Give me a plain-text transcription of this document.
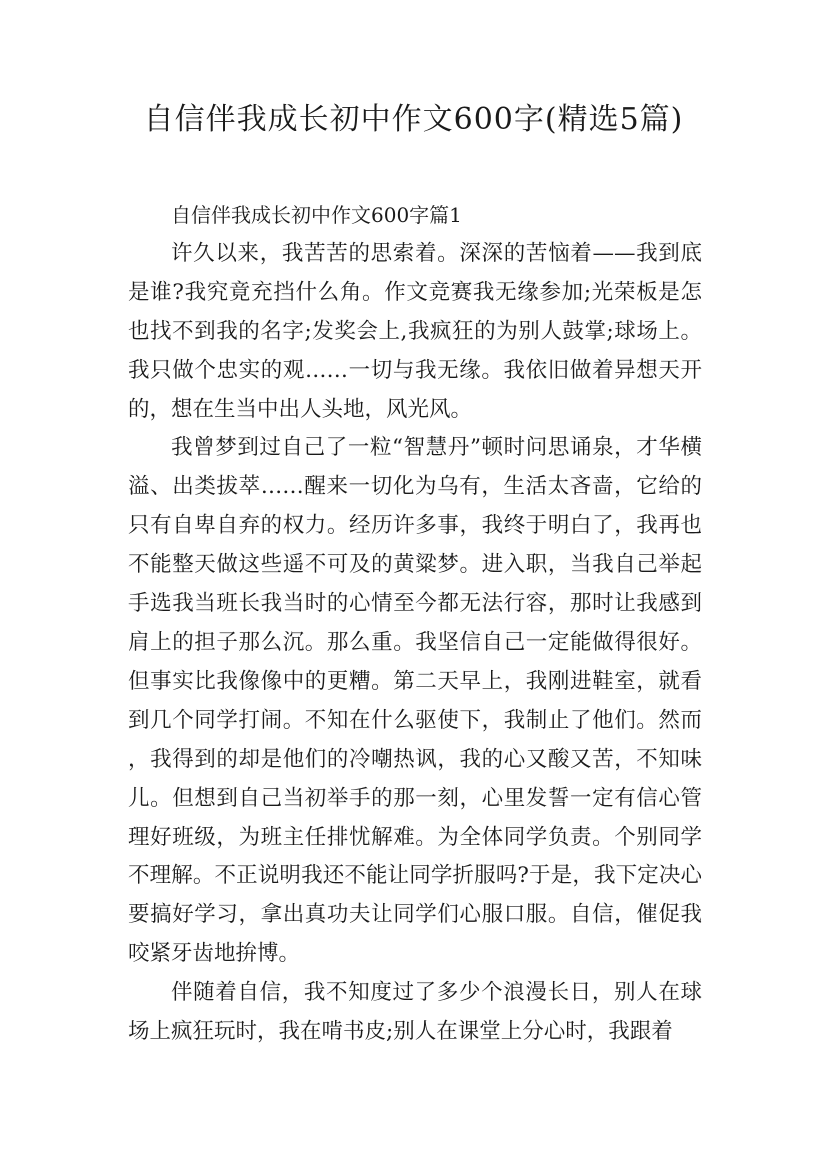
自信伴我成长初中作文600字(精选5篇)

自信伴我成长初中作文600字篇1

许久以来，我苦苦的思索着。深深的苦恼着——我到底是谁?我究竟充挡什么角。作文竞赛我无缘参加;光荣板是怎也找不到我的名字;发奖会上,我疯狂的为别人鼓掌;球场上。我只做个忠实的观……一切与我无缘。我依旧做着异想天开的，想在生当中出人头地，风光风。

我曾梦到过自己了一粒“智慧丹”顿时问思诵泉，才华横溢、出类拔萃……醒来一切化为乌有，生活太吝啬，它给的只有自卑自弃的权力。经历许多事，我终于明白了，我再也不能整天做这些遥不可及的黄粱梦。进入职，当我自己举起手选我当班长我当时的心情至今都无法行容，那时让我感到肩上的担子那么沉。那么重。我坚信自己一定能做得很好。但事实比我像像中的更糟。第二天早上，我刚进鞋室，就看到几个同学打闹。不知在什么驱使下，我制止了他们。然而，我得到的却是他们的冷嘲热讽，我的心又酸又苦，不知味儿。但想到自己当初举手的那一刻，心里发誓一定有信心管理好班级，为班主任排忧解难。为全体同学负责。个别同学不理解。不正说明我还不能让同学折服吗?于是，我下定决心要搞好学习，拿出真功夫让同学们心服口服。自信，催促我咬紧牙齿地拚博。

伴随着自信，我不知度过了多少个浪漫长日，别人在球场上疯狂玩时，我在啃书皮;别人在课堂上分心时，我跟着
